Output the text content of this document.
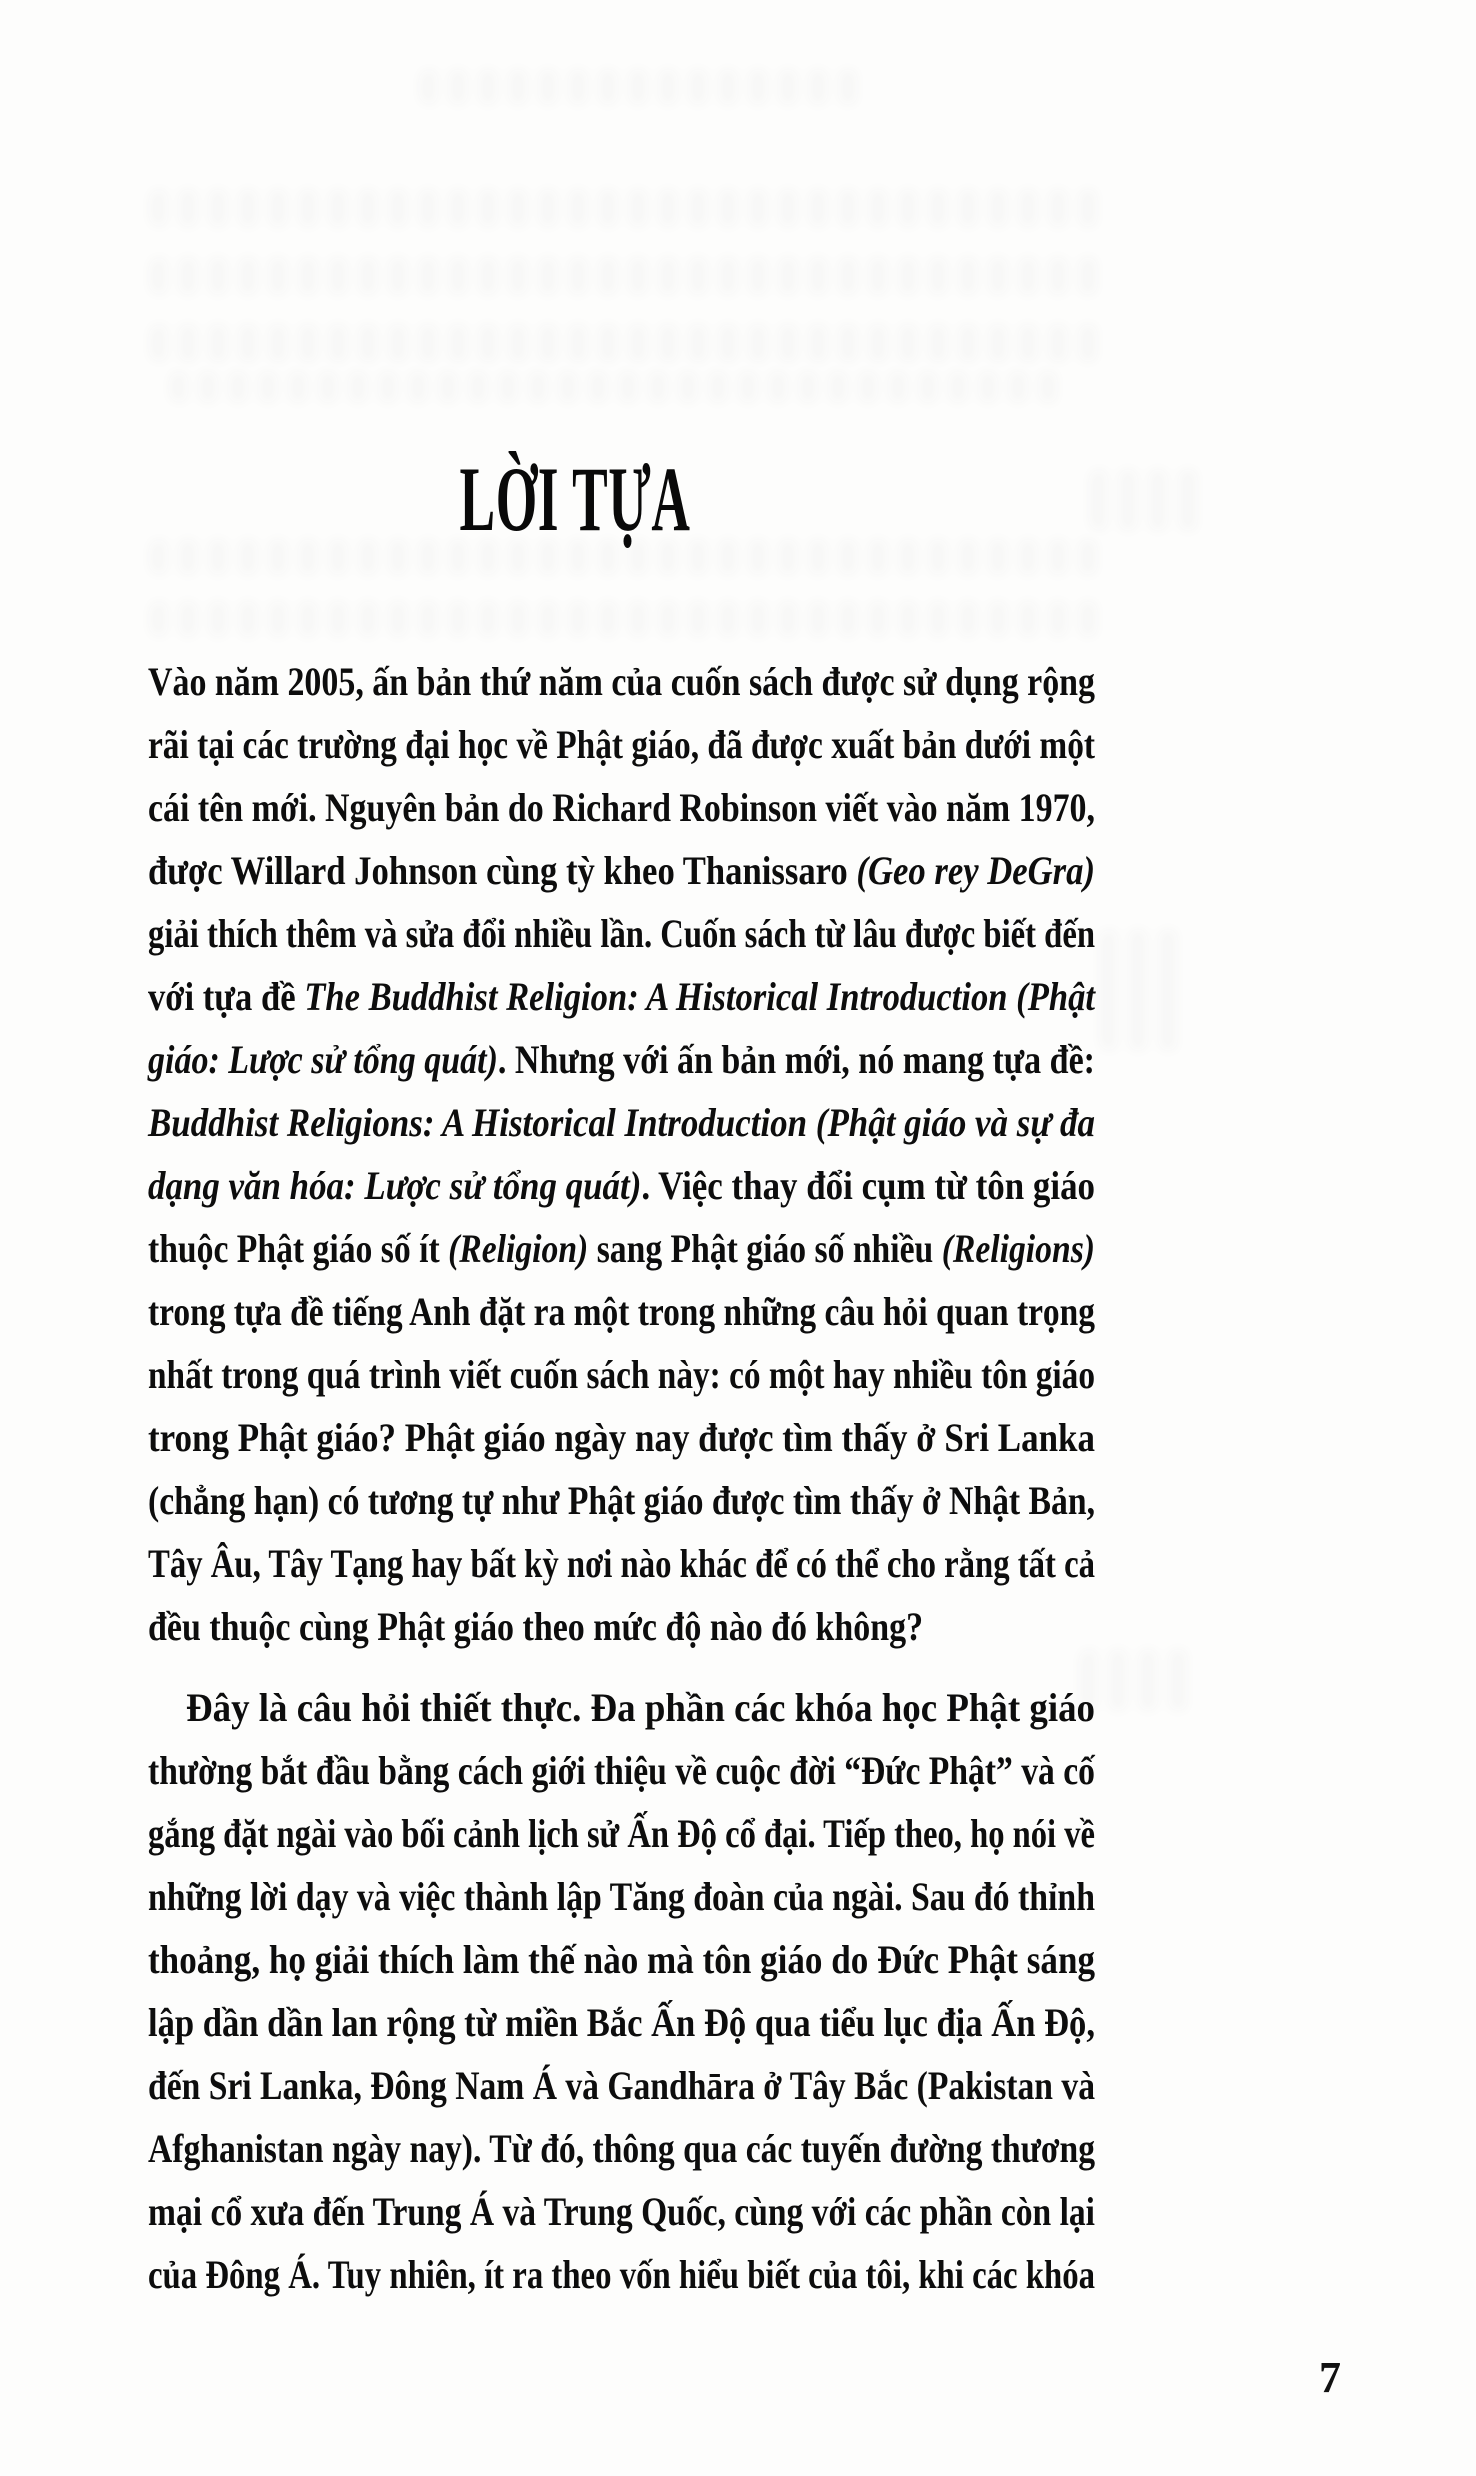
LỜI TỰA
Vào năm 2005, ấn bản thứ năm của cuốn sách được sử dụng rộng
rãi tại các trường đại học về Phật giáo, đã được xuất bản dưới một
cái tên mới. Nguyên bản do Richard Robinson viết vào năm 1970,
được Willard Johnson cùng tỳ kheo Thanissaro (Geo rey DeGra)
giải thích thêm và sửa đổi nhiều lần. Cuốn sách từ lâu được biết đến
với tựa đề The Buddhist Religion: A Historical Introduction (Phật
giáo: Lược sử tổng quát). Nhưng với ấn bản mới, nó mang tựa đề:
Buddhist Religions: A Historical Introduction (Phật giáo và sự đa
dạng văn hóa: Lược sử tổng quát). Việc thay đổi cụm từ tôn giáo
thuộc Phật giáo số ít (Religion) sang Phật giáo số nhiều (Religions)
trong tựa đề tiếng Anh đặt ra một trong những câu hỏi quan trọng
nhất trong quá trình viết cuốn sách này: có một hay nhiều tôn giáo
trong Phật giáo? Phật giáo ngày nay được tìm thấy ở Sri Lanka
(chẳng hạn) có tương tự như Phật giáo được tìm thấy ở Nhật Bản,
Tây Âu, Tây Tạng hay bất kỳ nơi nào khác để có thể cho rằng tất cả
đều thuộc cùng Phật giáo theo mức độ nào đó không?
Đây là câu hỏi thiết thực. Đa phần các khóa học Phật giáo
thường bắt đầu bằng cách giới thiệu về cuộc đời “Đức Phật” và cố
gắng đặt ngài vào bối cảnh lịch sử Ấn Độ cổ đại. Tiếp theo, họ nói về
những lời dạy và việc thành lập Tăng đoàn của ngài. Sau đó thỉnh
thoảng, họ giải thích làm thế nào mà tôn giáo do Đức Phật sáng
lập dần dần lan rộng từ miền Bắc Ấn Độ qua tiểu lục địa Ấn Độ,
đến Sri Lanka, Đông Nam Á và Gandhāra ở Tây Bắc (Pakistan và
Afghanistan ngày nay). Từ đó, thông qua các tuyến đường thương
mại cổ xưa đến Trung Á và Trung Quốc, cùng với các phần còn lại
của Đông Á. Tuy nhiên, ít ra theo vốn hiểu biết của tôi, khi các khóa
7
